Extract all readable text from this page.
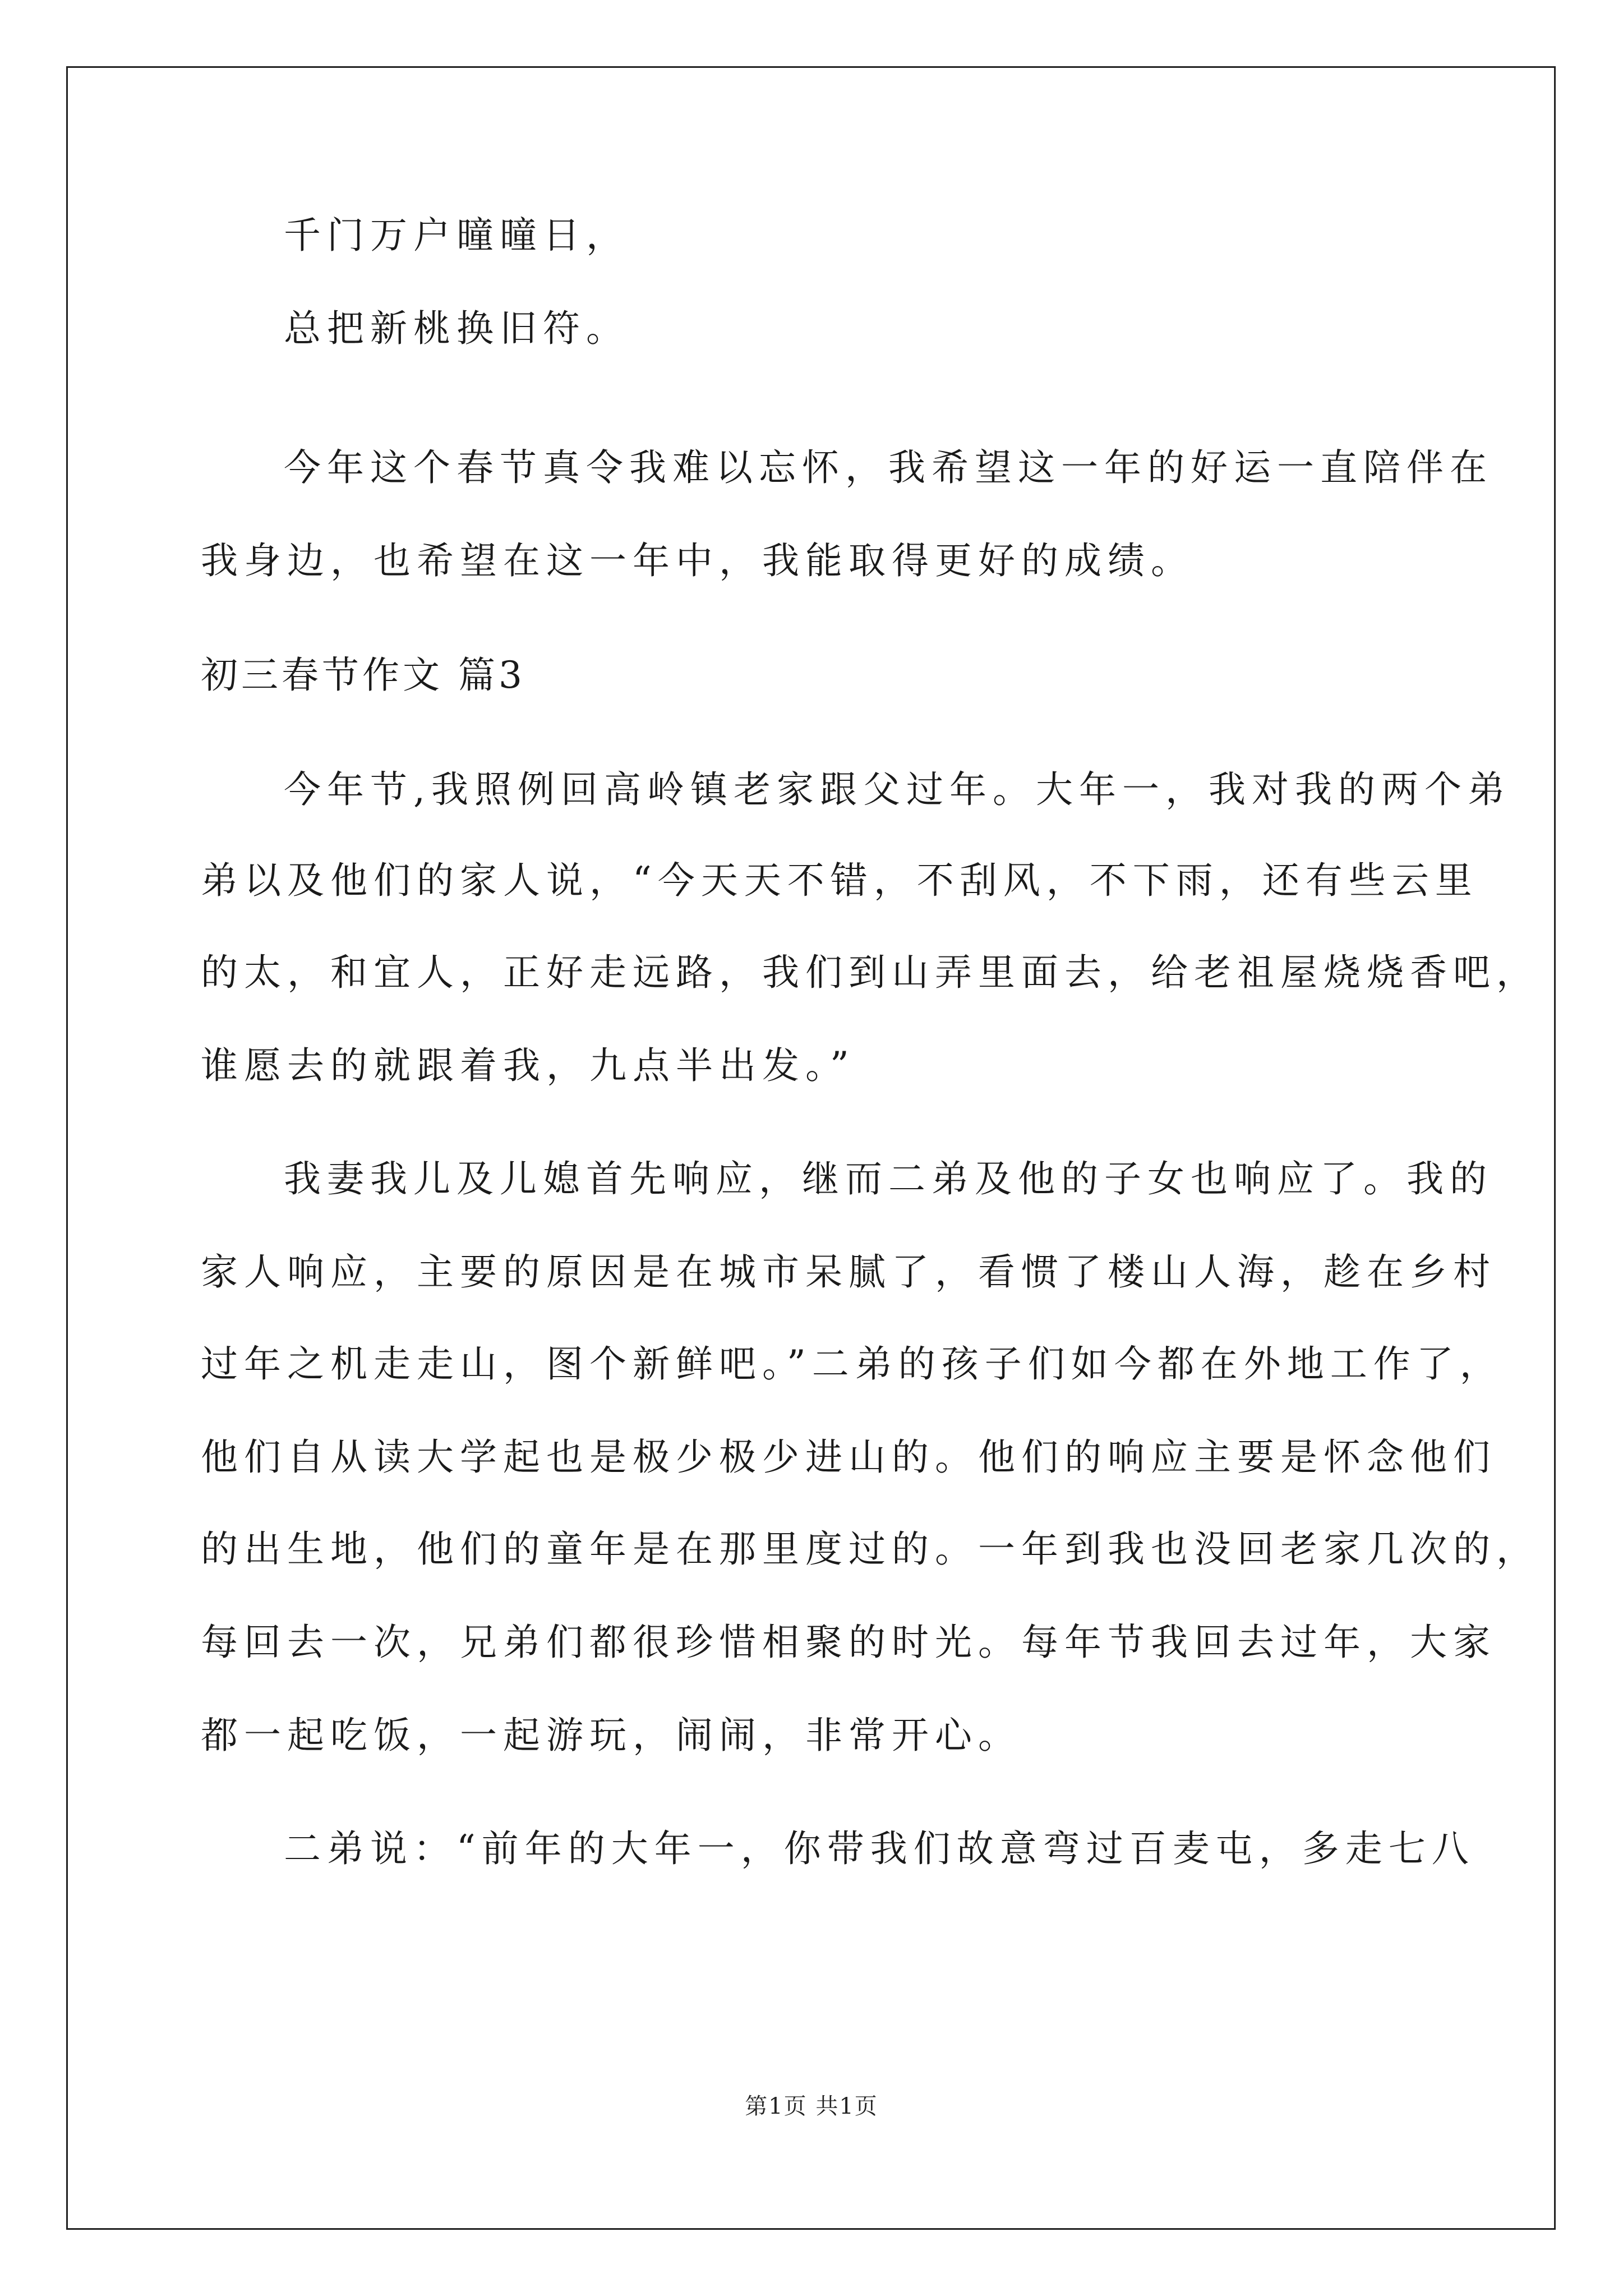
千门万户曈曈日，
总把新桃换旧符。
今年这个春节真令我难以忘怀，我希望这一年的好运一直陪伴在
我身边，也希望在这一年中，我能取得更好的成绩。
初三春节作文 篇3
今年节,我照例回高岭镇老家跟父过年。大年一，我对我的两个弟
弟以及他们的家人说，“今天天不错，不刮风，不下雨，还有些云里
的太，和宜人，正好走远路，我们到山弄里面去，给老祖屋烧烧香吧，
谁愿去的就跟着我，九点半出发。”
我妻我儿及儿媳首先响应，继而二弟及他的子女也响应了。我的
家人响应，主要的原因是在城市呆腻了，看惯了楼山人海，趁在乡村
过年之机走走山，图个新鲜吧。”二弟的孩子们如今都在外地工作了，
他们自从读大学起也是极少极少进山的。他们的响应主要是怀念他们
的出生地，他们的童年是在那里度过的。一年到我也没回老家几次的，
每回去一次，兄弟们都很珍惜相聚的时光。每年节我回去过年，大家
都一起吃饭，一起游玩，闹闹，非常开心。
二弟说：“前年的大年一，你带我们故意弯过百麦屯，多走七八
第1页 共1页
